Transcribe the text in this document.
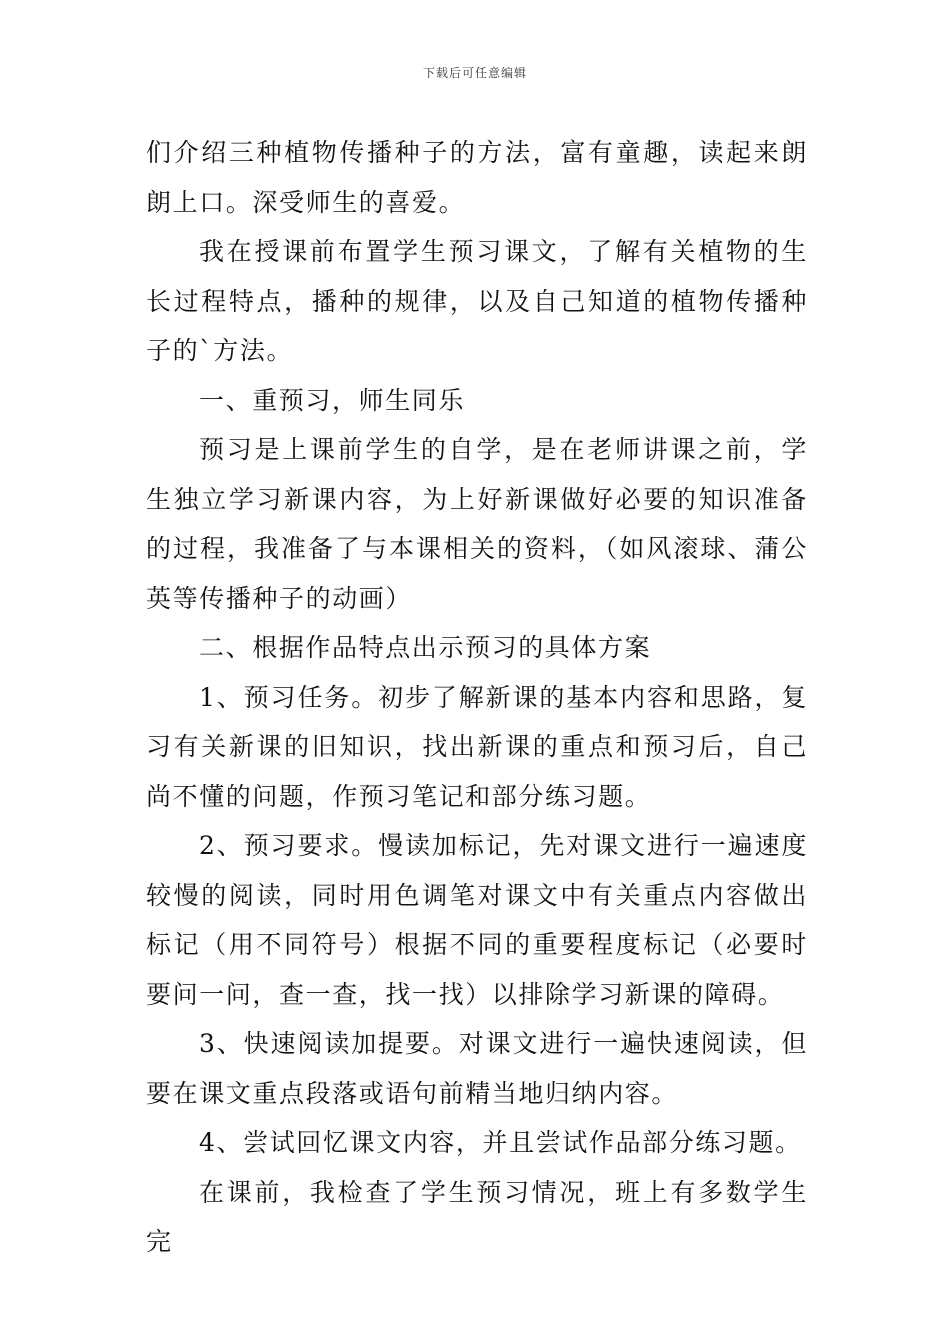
下载后可任意编辑

们介绍三种植物传播种子的方法，富有童趣，读起来朗朗上口。深受师生的喜爱。

我在授课前布置学生预习课文，了解有关植物的生长过程特点，播种的规律，以及自己知道的植物传播种子的`方法。

一、重预习，师生同乐

预习是上课前学生的自学，是在老师讲课之前，学生独立学习新课内容，为上好新课做好必要的知识准备的过程，我准备了与本课相关的资料，（如风滚球、蒲公英等传播种子的动画）

二、根据作品特点出示预习的具体方案

1、预习任务。初步了解新课的基本内容和思路，复习有关新课的旧知识，找出新课的重点和预习后，自己尚不懂的问题，作预习笔记和部分练习题。

2、预习要求。慢读加标记，先对课文进行一遍速度较慢的阅读，同时用色调笔对课文中有关重点内容做出标记（用不同符号）根据不同的重要程度标记（必要时要问一问，查一查，找一找）以排除学习新课的障碍。

3、快速阅读加提要。对课文进行一遍快速阅读，但要在课文重点段落或语句前精当地归纳内容。

4、尝试回忆课文内容，并且尝试作品部分练习题。

在课前，我检查了学生预习情况，班上有多数学生完
